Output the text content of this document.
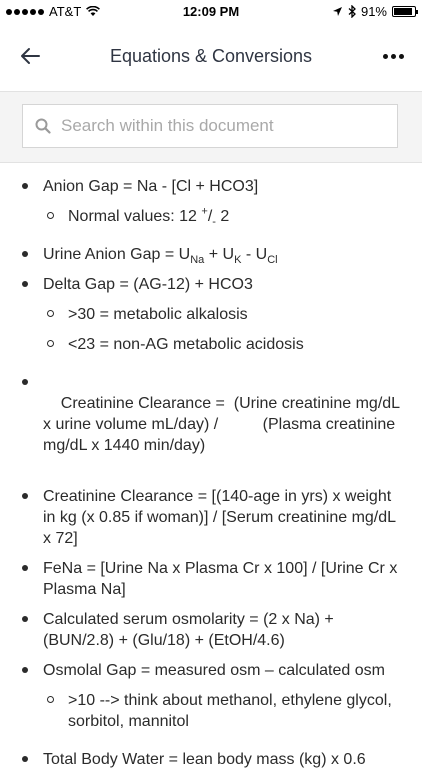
AT&T	12:09 PM	91%
Equations & Conversions
Search within this document
Anion Gap = Na - [Cl + HCO3]
Normal values: 12 $^+/_-$ 2
Urine Anion Gap = $U_{Na} + U_K - U_{Cl}$
Delta Gap = (AG-12) + HCO3
>30 = metabolic alkalosis
<23 = non-AG metabolic acidosis

Creatinine Clearance =  (Urine creatinine mg/dL x urine volume mL/day) /          (Plasma creatinine mg/dL x 1440 min/day)

Creatinine Clearance = [(140-age in yrs) x weight in kg (x 0.85 if woman)] / [Serum creatinine mg/dL x 72]
FeNa = [Urine Na x Plasma Cr x 100] / [Urine Cr x Plasma Na]
Calculated serum osmolarity = (2 x Na) + (BUN/2.8) + (Glu/18) + (EtOH/4.6)
Osmolal Gap = measured osm – calculated osm
>10 --> think about methanol, ethylene glycol, sorbitol, mannitol
Total Body Water = lean body mass (kg) x 0.6
